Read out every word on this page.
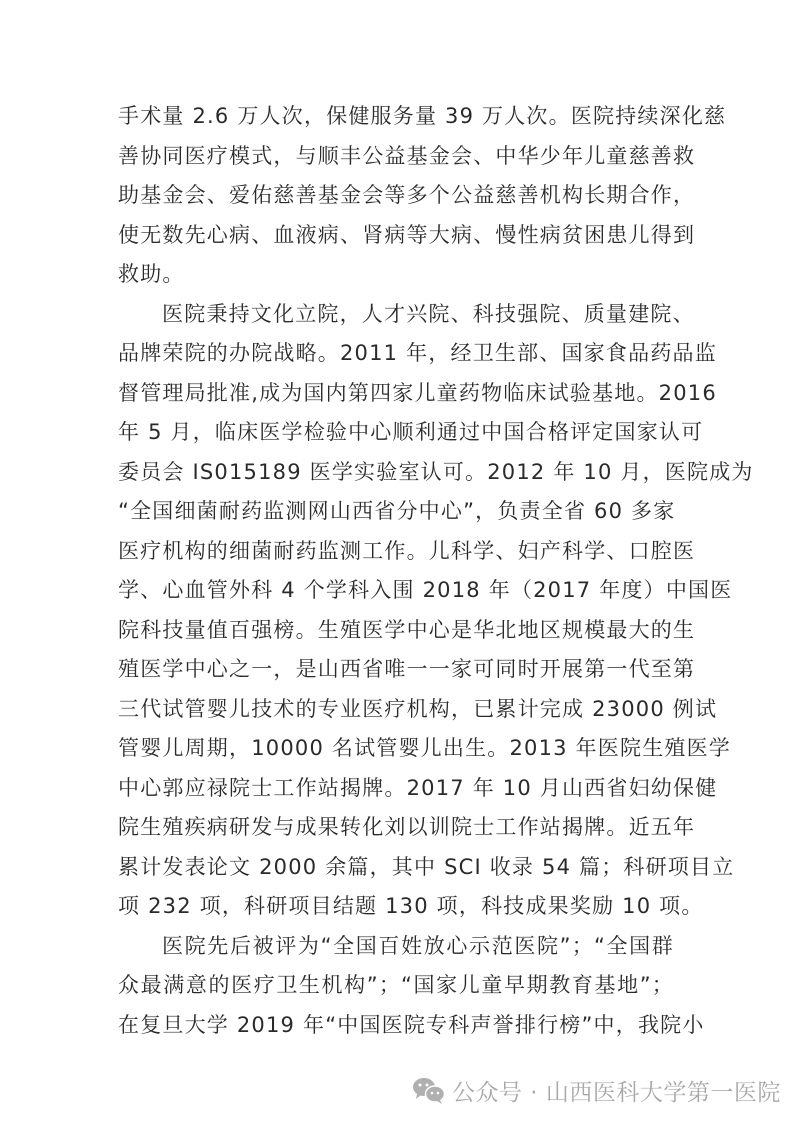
手术量 2.6 万人次，保健服务量 39 万人次。医院持续深化慈
善协同医疗模式，与顺丰公益基金会、中华少年儿童慈善救
助基金会、爱佑慈善基金会等多个公益慈善机构长期合作，
使无数先心病、血液病、肾病等大病、慢性病贫困患儿得到
救助。
医院秉持文化立院，人才兴院、科技强院、质量建院、
品牌荣院的办院战略。2011 年，经卫生部、国家食品药品监
督管理局批准,成为国内第四家儿童药物临床试验基地。2016
年 5 月，临床医学检验中心顺利通过中国合格评定国家认可
委员会 IS015189 医学实验室认可。2012 年 10 月，医院成为
“全国细菌耐药监测网山西省分中心”，负责全省 60 多家
医疗机构的细菌耐药监测工作。儿科学、妇产科学、口腔医
学、心血管外科 4 个学科入围 2018 年（2017 年度）中国医
院科技量值百强榜。生殖医学中心是华北地区规模最大的生
殖医学中心之一，是山西省唯一一家可同时开展第一代至第
三代试管婴儿技术的专业医疗机构，已累计完成 23000 例试
管婴儿周期，10000 名试管婴儿出生。2013 年医院生殖医学
中心郭应禄院士工作站揭牌。2017 年 10 月山西省妇幼保健
院生殖疾病研发与成果转化刘以训院士工作站揭牌。近五年
累计发表论文 2000 余篇，其中 SCI 收录 54 篇；科研项目立
项 232 项，科研项目结题 130 项，科技成果奖励 10 项。
医院先后被评为“全国百姓放心示范医院”；“全国群
众最满意的医疗卫生机构”；“国家儿童早期教育基地”；
在复旦大学 2019 年“中国医院专科声誉排行榜”中，我院小
公众号 · 山西医科大学第一医院
